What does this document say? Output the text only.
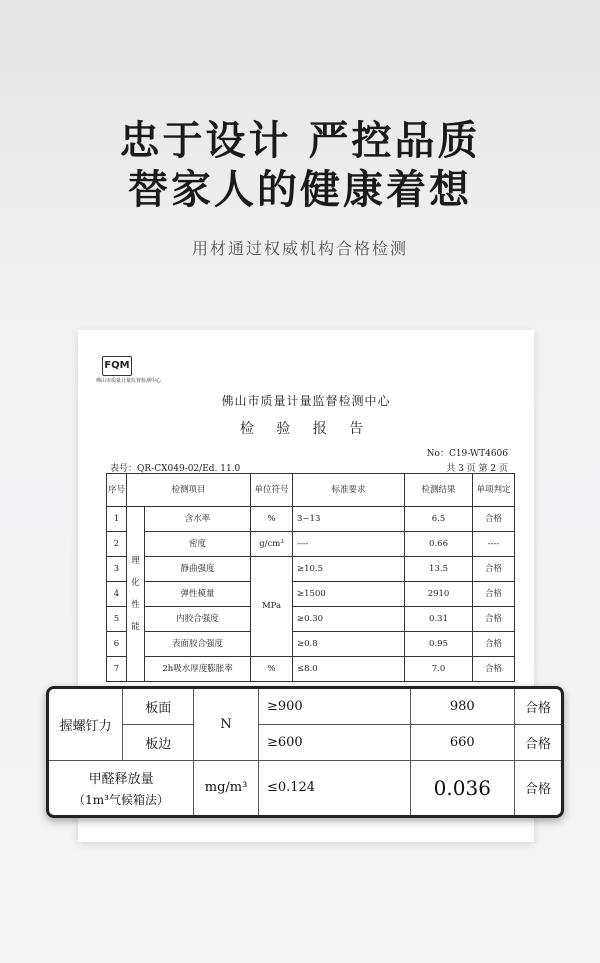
忠于设计 严控品质
替家人的健康着想
用材通过权威机构合格检测
FQM
佛山市质量计量监督检测中心
佛山市质量计量监督检测中心
检 验 报 告
No：C19-WT4606
表号：QR-CX049-02/Ed. 11.0	共 3 页 第 2 页
序号	检测项目		单位符号	标准要求	检测结果	单项判定
1	理化性能	含水率	%	3~13	6.5	合格
2		密度	g/cm³	----	0.66	----
3		静曲强度	MPa	≥10.5	13.5	合格
4		弹性模量		≥1500	2910	合格
5		内胶合强度		≥0.30	0.31	合格
6		表面胶合强度		≥0.8	0.95	合格
7		2h吸水厚度膨胀率	%	≤8.0	7.0	合格
握螺钉力	板面	N	≥900	980	合格
	板边		≥600	660	合格
甲醛释放量
（1m³气候箱法）		mg/m³	≤0.124	0.036	合格
